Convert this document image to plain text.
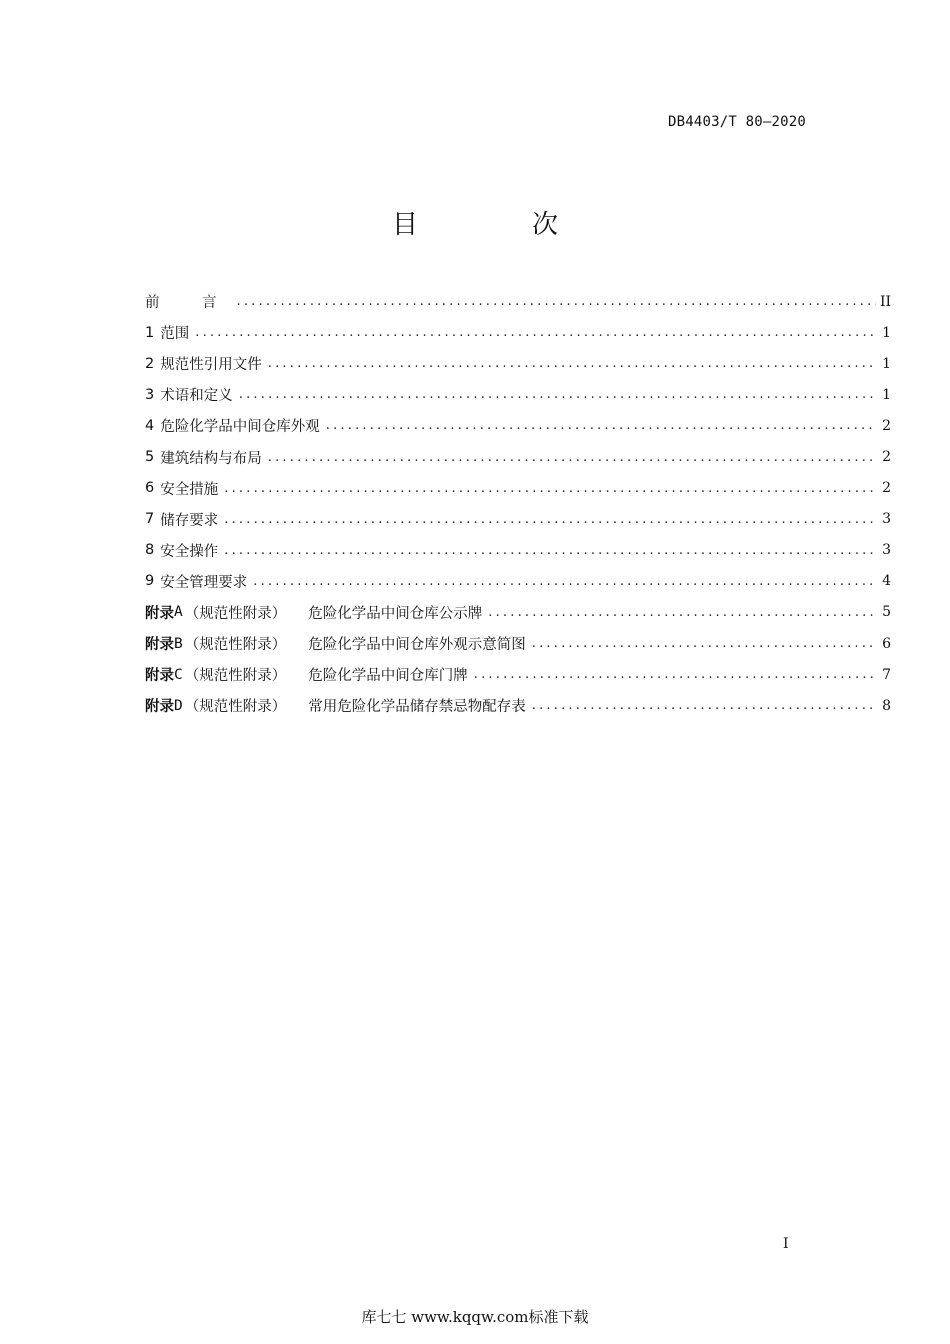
DB4403/T 80—2020
目　次
前　言 .....	II
1 范围 .....	1
2 规范性引用文件 .....	1
3 术语和定义 .....	1
4 危险化学品中间仓库外观 .....	2
5 建筑结构与布局 .....	2
6 安全措施 .....	2
7 储存要求 .....	3
8 安全操作 .....	3
9 安全管理要求 .....	4
附录 A （规范性附录） 危险化学品中间仓库公示牌 .....	5
附录 B （规范性附录） 危险化学品中间仓库外观示意简图 .....	6
附录 C （规范性附录） 危险化学品中间仓库门牌 .....	7
附录 D （规范性附录） 常用危险化学品储存禁忌物配存表 .....	8
I
库七七 www.kqqw.com标准下载
